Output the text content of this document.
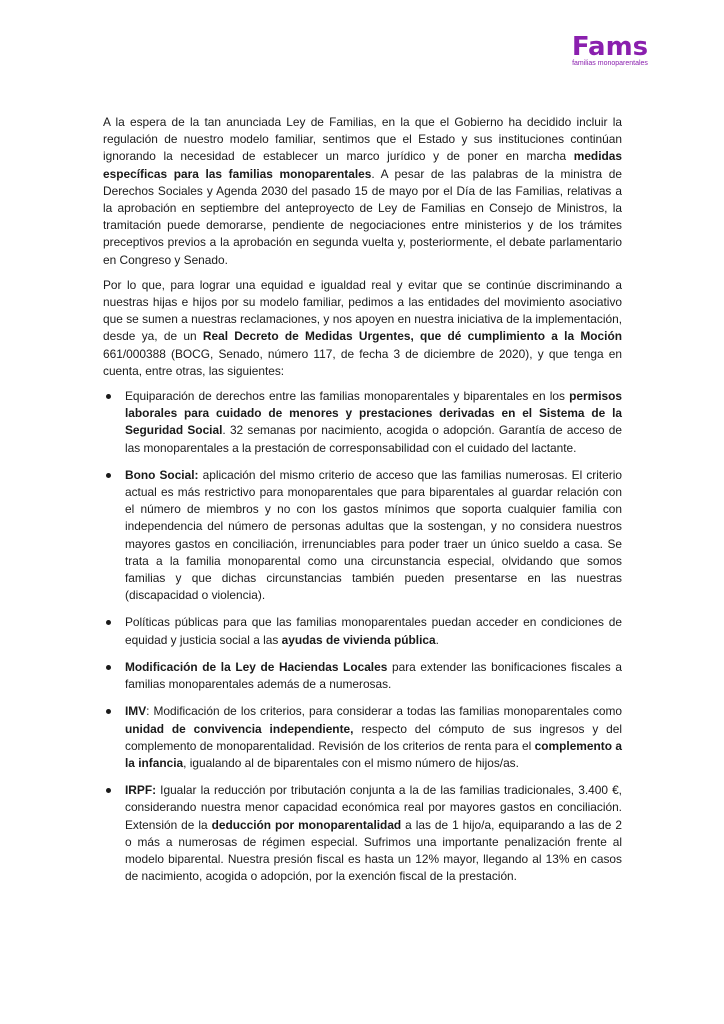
Fams
familias monoparentales

A la espera de la tan anunciada Ley de Familias, en la que el Gobierno ha decidido incluir la regulación de nuestro modelo familiar, sentimos que el Estado y sus instituciones continúan ignorando la necesidad de establecer un marco jurídico y de poner en marcha medidas específicas para las familias monoparentales. A pesar de las palabras de la ministra de Derechos Sociales y Agenda 2030 del pasado 15 de mayo por el Día de las Familias, relativas a la aprobación en septiembre del anteproyecto de Ley de Familias en Consejo de Ministros, la tramitación puede demorarse, pendiente de negociaciones entre ministerios y de los trámites preceptivos previos a la aprobación en segunda vuelta y, posteriormente, el debate parlamentario en Congreso y Senado.

Por lo que, para lograr una equidad e igualdad real y evitar que se continúe discriminando a nuestras hijas e hijos por su modelo familiar, pedimos a las entidades del movimiento asociativo que se sumen a nuestras reclamaciones, y nos apoyen en nuestra iniciativa de la implementación, desde ya, de un Real Decreto de Medidas Urgentes, que dé cumplimiento a la Moción 661/000388 (BOCG, Senado, número 117, de fecha 3 de diciembre de 2020), y que tenga en cuenta, entre otras, las siguientes:

Equiparación de derechos entre las familias monoparentales y biparentales en los permisos laborales para cuidado de menores y prestaciones derivadas en el Sistema de la Seguridad Social. 32 semanas por nacimiento, acogida o adopción. Garantía de acceso de las monoparentales a la prestación de corresponsabilidad con el cuidado del lactante.
Bono Social: aplicación del mismo criterio de acceso que las familias numerosas. El criterio actual es más restrictivo para monoparentales que para biparentales al guardar relación con el número de miembros y no con los gastos mínimos que soporta cualquier familia con independencia del número de personas adultas que la sostengan, y no considera nuestros mayores gastos en conciliación, irrenunciables para poder traer un único sueldo a casa. Se trata a la familia monoparental como una circunstancia especial, olvidando que somos familias y que dichas circunstancias también pueden presentarse en las nuestras (discapacidad o violencia).
Políticas públicas para que las familias monoparentales puedan acceder en condiciones de equidad y justicia social a las ayudas de vivienda pública.
Modificación de la Ley de Haciendas Locales para extender las bonificaciones fiscales a familias monoparentales además de a numerosas.
IMV: Modificación de los criterios, para considerar a todas las familias monoparentales como unidad de convivencia independiente, respecto del cómputo de sus ingresos y del complemento de monoparentalidad. Revisión de los criterios de renta para el complemento a la infancia, igualando al de biparentales con el mismo número de hijos/as.
IRPF: Igualar la reducción por tributación conjunta a la de las familias tradicionales, 3.400 €, considerando nuestra menor capacidad económica real por mayores gastos en conciliación. Extensión de la deducción por monoparentalidad a las de 1 hijo/a, equiparando a las de 2 o más a numerosas de régimen especial. Sufrimos una importante penalización frente al modelo biparental. Nuestra presión fiscal es hasta un 12% mayor, llegando al 13% en casos de nacimiento, acogida o adopción, por la exención fiscal de la prestación.
